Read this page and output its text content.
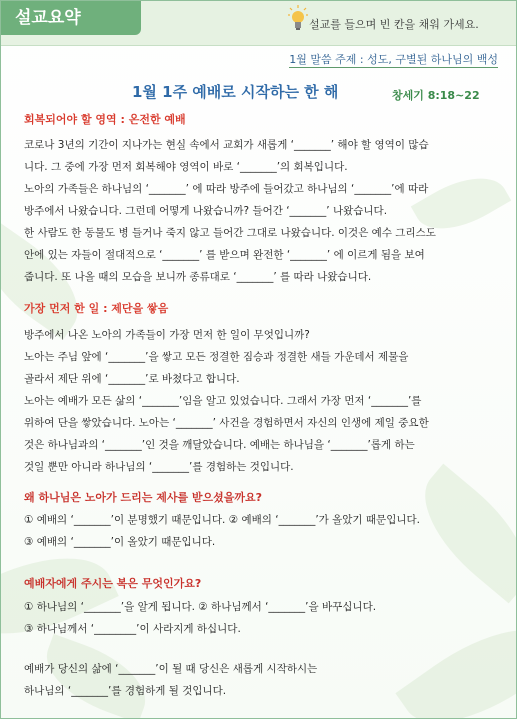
설교요약	설교를 들으며 빈 칸을 채워 가세요.
1월 말씀 주제 : 성도, 구별된 하나님의 백성
1월 1주 예배로 시작하는 한 해	창세기 8:18~22
회복되어야 할 영역 : 온전한 예배
코로나 3년의 기간이 지나가는 현실 속에서 교회가 새롭게 ‘_______’ 해야 할 영역이 많습
니다. 그 중에 가장 먼저 회복해야 영역이 바로 ‘_______’의 회복입니다.
노아의 가족들은 하나님의 ‘_______’ 에 따라 방주에 들어갔고 하나님의 ‘_______’에 따라
방주에서 나왔습니다. 그런데 어떻게 나왔습니까? 들어간 ‘_______’ 나왔습니다.
한 사람도 한 동물도 병 들거나 죽지 않고 들어간 그대로 나왔습니다. 이것은 예수 그리스도
안에 있는 자들이 절대적으로 ‘_______’ 를 받으며 완전한 ‘_______’ 에 이르게 됨을 보여
줍니다. 또 나올 때의 모습을 보니까 종류대로 ‘_______’ 를 따라 나왔습니다.
가장 먼저 한 일 : 제단을 쌓음
방주에서 나온 노아의 가족들이 가장 먼저 한 일이 무엇입니까?
노아는 주님 앞에 ‘_______’을 쌓고 모든 정결한 짐승과 정결한 새들 가운데서 제물을
골라서 제단 위에 ‘_______’로 바쳤다고 합니다.
노아는 예배가 모든 삶의 ‘_______’임을 알고 있었습니다. 그래서 가장 먼저 ‘_______’를
위하여 단을 쌓았습니다. 노아는 ‘_______’ 사건을 경험하면서 자신의 인생에 제일 중요한
것은 하나님과의 ‘_______’인 것을 깨달았습니다. 예배는 하나님을 ‘_______’롭게 하는
것일 뿐만 아니라 하나님의 ‘_______’를 경험하는 것입니다.
왜 하나님은 노아가 드리는 제사를 받으셨을까요?
① 예배의 ‘_______’이 분명했기 때문입니다. ② 예배의 ‘_______’가 올았기 때문입니다.
③ 예배의 ‘_______’이 올았기 때문입니다.
예배자에게 주시는 복은 무엇인가요?
① 하나님의 ‘_______’을 알게 됩니다. ② 하나님께서 ‘_______’을 바꾸십니다.
③ 하나님께서 ‘________’이 사라지게 하십니다.
예배가 당신의 삶에 ‘_______’이 될 때 당신은 새롭게 시작하시는
하나님의 ‘_______’를 경험하게 될 것입니다.
